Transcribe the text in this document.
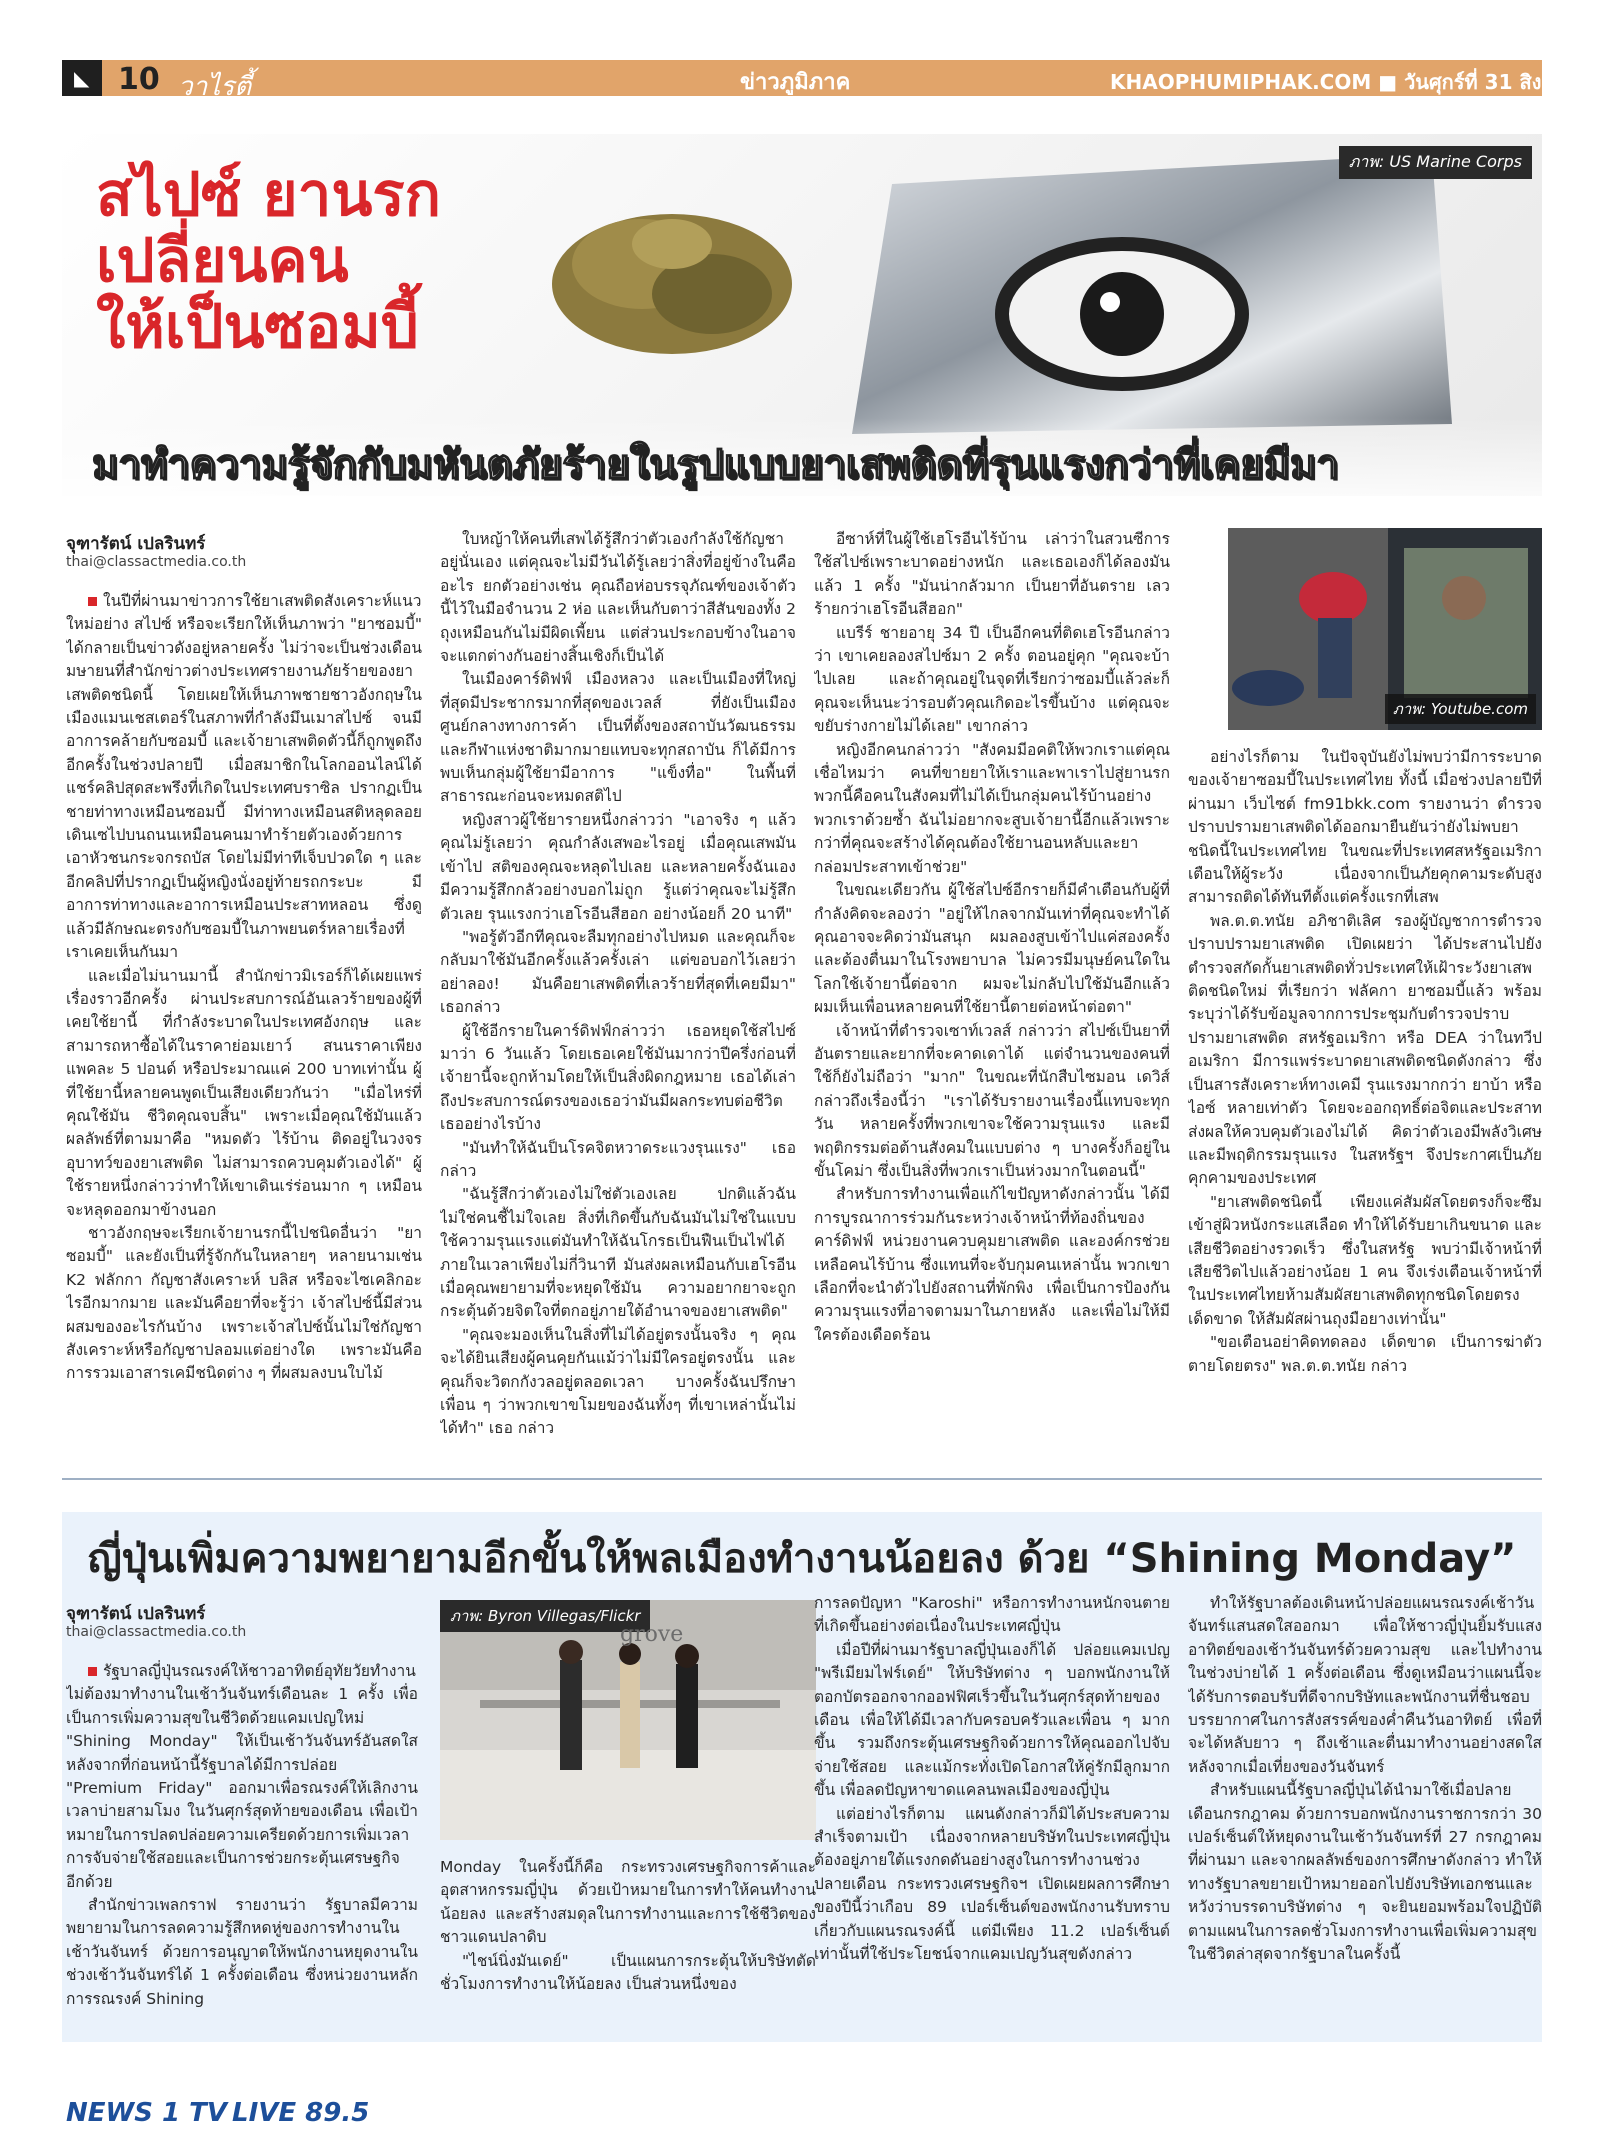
◣ 10 วาไรตี้	ข่าวภูมิภาค	KHAOPHUMIPHAK.COM ■ วันศุกร์ที่ 31 สิงหาคม 2561
สไปซ์ ยานรก
เปลี่ยนคน
ให้เป็นซอมบี้
ภาพ: US Marine Corps
มาทำความรู้จักกับมหันตภัยร้ายในรูปแบบยาเสพติดที่รุนแรงกว่าที่เคยมีมา
จุฑารัตน์ เปลรินทร์
thai@classactmedia.co.th

ในปีที่ผ่านมาข่าวการใช้ยาเสพติดสังเคราะห์แนวใหม่อย่าง สไปซ์ หรือจะเรียกให้เห็นภาพว่า "ยาซอมบี้" ได้กลายเป็นข่าวดังอยู่หลายครั้ง ไม่ว่าจะเป็นช่วงเดือนมษายนที่สำนักข่าวต่างประเทศรายงานภัยร้ายของยาเสพติดชนิดนี้ โดยเผยให้เห็นภาพชายชาวอังกฤษในเมืองแมนเชสเตอร์ในสภาพที่กำลังมึนเมาสไปซ์ จนมีอาการคล้ายกับซอมบี้ และเจ้ายาเสพติดตัวนี้ก็ถูกพูดถึงอีกครั้งในช่วงปลายปี เมื่อสมาชิกในโลกออนไลน์ได้แชร์คลิปสุดสะพรึงที่เกิดในประเทศบราซิล ปรากฏเป็นชายท่าทางเหมือนซอมบี้ มีท่าทางเหมือนสติหลุดลอย เดินเซไปบนถนนเหมือนคนมาทำร้ายตัวเองด้วยการเอาหัวชนกระจกรถบัส โดยไม่มีท่าทีเจ็บปวดใด ๆ และอีกคลิปที่ปรากฏเป็นผู้หญิงนั่งอยู่ท้ายรถกระบะ มีอาการท่าทางและอาการเหมือนประสาทหลอน ซึ่งดูแล้วมีลักษณะตรงกับซอมบี้ในภาพยนตร์หลายเรื่องที่เราเคยเห็นกันมา

และเมื่อไม่นานมานี้ สำนักข่าวมิเรอร์ก็ได้เผยแพร่เรื่องราวอีกครั้ง ผ่านประสบการณ์อันเลวร้ายของผู้ที่เคยใช้ยานี้ ที่กำลังระบาดในประเทศอังกฤษ และสามารถหาซื้อได้ในราคาย่อมเยาว์ สนนราคาเพียงแพคละ 5 ปอนด์ หรือประมาณแค่ 200 บาทเท่านั้น ผู้ที่ใช้ยานี้หลายคนพูดเป็นเสียงเดียวกันว่า "เมื่อไหร่ที่คุณใช้มัน ชีวิตคุณจบสิ้น" เพราะเมื่อคุณใช้มันแล้ว ผลลัพธ์ที่ตามมาคือ "หมดตัว ไร้บ้าน ติดอยู่ในวงจรอุบาทว์ของยาเสพติด ไม่สามารถควบคุมตัวเองได้" ผู้ใช้รายหนึ่งกล่าวว่าทำให้เขาเดินเร่ร่อนมาก ๆ เหมือนจะหลุดออกมาข้างนอก

ชาวอังกฤษจะเรียกเจ้ายานรกนี้ไปชนิดอื่นว่า "ยาซอมบี้" และยังเป็นที่รู้จักกันในหลายๆ หลายนามเช่น K2 ฟลักกา กัญชาสังเคราะห์ บลิส หรือจะไซเคลิกอะไรอีกมากมาย และมันคือยาที่จะรู้ว่า เจ้าสไปซ์นี้มีส่วนผสมของอะไรกันบ้าง เพราะเจ้าสไปซ์นั้นไม่ใช่กัญชาสังเคราะห์หรือกัญชาปลอมแต่อย่างใด เพราะมันคือการรวมเอาสารเคมีชนิดต่าง ๆ ที่ผสมลงบนใบไม้

ใบหญ้าให้คนที่เสพได้รู้สึกว่าตัวเองกำลังใช้กัญชาอยู่นั่นเอง แต่คุณจะไม่มีวันได้รู้เลยว่าสิ่งที่อยู่ข้างในคืออะไร ยกตัวอย่างเช่น คุณถือห่อบรรจุภัณฑ์ของเจ้าตัวนี้ไว้ในมือจำนวน 2 ห่อ และเห็นกับตาว่าสีสันของทั้ง 2 ถุงเหมือนกันไม่มีผิดเพี้ยน แต่ส่วนประกอบข้างในอาจจะแตกต่างกันอย่างสิ้นเชิงก็เป็นได้

ในเมืองคาร์ดิฟฟ์ เมืองหลวง และเป็นเมืองที่ใหญ่ที่สุดมีประชากรมากที่สุดของเวลส์ ที่ยังเป็นเมืองศูนย์กลางทางการค้า เป็นที่ตั้งของสถาบันวัฒนธรรม และกีฬาแห่งชาติมากมายแทบจะทุกสถาบัน ก็ได้มีการพบเห็นกลุ่มผู้ใช้ยามีอาการ "แข็งทื่อ" ในพื้นที่สาธารณะก่อนจะหมดสติไป

หญิงสาวผู้ใช้ยารายหนึ่งกล่าวว่า "เอาจริง ๆ แล้วคุณไม่รู้เลยว่า คุณกำลังเสพอะไรอยู่ เมื่อคุณเสพมันเข้าไป สติของคุณจะหลุดไปเลย และหลายครั้งฉันเองมีความรู้สึกกลัวอย่างบอกไม่ถูก รู้แต่ว่าคุณจะไม่รู้สึกตัวเลย รุนแรงกว่าเฮโรอีนสีฮอก อย่างน้อยก็ 20 นาที"

"พอรู้ตัวอีกทีคุณจะลืมทุกอย่างไปหมด และคุณก็จะกลับมาใช้มันอีกครั้งแล้วครั้งเล่า แต่ขอบอกไว้เลยว่าอย่าลอง! มันคือยาเสพติดที่เลวร้ายที่สุดที่เคยมีมา" เธอกล่าว

ผู้ใช้อีกรายในคาร์ดิฟฟ์กล่าวว่า เธอหยุดใช้สไปซ์มาว่า 6 วันแล้ว โดยเธอเคยใช้มันมากว่าปีครึ่งก่อนที่เจ้ายานี้จะถูกห้ามโดยให้เป็นสิ่งผิดกฎหมาย เธอได้เล่าถึงประสบการณ์ตรงของเธอว่ามันมีผลกระทบต่อชีวิตเธออย่างไรบ้าง

"มันทำให้ฉันป็นโรคจิตหวาดระแวงรุนแรง" เธอกล่าว

"ฉันรู้สึกว่าตัวเองไม่ใช่ตัวเองเลย ปกติแล้วฉันไม่ใช่คนชี้ไม่ใจเลย สิ่งที่เกิดขึ้นกับฉันมันไม่ใช่ในแบบใช้ความรุนแรงแต่มันทำให้ฉันโกรธเป็นฟืนเป็นไฟได้ภายในเวลาเพียงไม่กี่วินาที มันส่งผลเหมือนกับเฮโรอีน เมื่อคุณพยายามที่จะหยุดใช้มัน ความอยากยาจะถูกกระตุ้นด้วยจิตใจที่ตกอยู่ภายใต้อำนาจของยาเสพติด"

"คุณจะมองเห็นในสิ่งที่ไม่ได้อยู่ตรงนั้นจริง ๆ คุณจะได้ยินเสียงผู้คนคุยกันแม้ว่าไม่มีใครอยู่ตรงนั้น และคุณก็จะวิตกกังวลอยู่ตลอดเวลา บางครั้งฉันปรึกษาเพื่อน ๆ ว่าพวกเขาขโมยของฉันทั้งๆ ที่เขาเหล่านั้นไม่ได้ทำ" เธอ กล่าว

อีซาห์ที่ในผู้ใช้เฮโรอีนไร้บ้าน เล่าว่าในสวนซีการใช้สไปซ์เพราะบาดอย่างหนัก และเธอเองก็ได้ลองมันแล้ว 1 ครั้ง "มันน่ากลัวมาก เป็นยาที่อันตราย เลวร้ายกว่าเฮโรอีนสีฮอก"

แบรีร์ ชายอายุ 34 ปี เป็นอีกคนที่ติดเฮโรอีนกล่าวว่า เขาเคยลองสไปซ์มา 2 ครั้ง ตอนอยู่คุก "คุณจะบ้าไปเลย และถ้าคุณอยู่ในจุดที่เรียกว่าซอมบี้แล้วล่ะก็ คุณจะเห็นนะว่ารอบตัวคุณเกิดอะไรขึ้นบ้าง แต่คุณจะขยับร่างกายไม่ได้เลย" เขากล่าว

หญิงอีกคนกล่าวว่า "สังคมมีอคติให้พวกเราแต่คุณเชื่อไหมว่า คนที่ขายยาให้เราและพาเราไปสู่ยานรกพวกนี้คือคนในสังคมที่ไม่ได้เป็นกลุ่มคนไร้บ้านอย่างพวกเราด้วยซ้ำ ฉันไม่อยากจะสูบเจ้ายานี้อีกแล้วเพราะกว่าที่คุณจะสร้างได้คุณต้องใช้ยานอนหลับและยากล่อมประสาทเข้าช่วย"

ในขณะเดียวกัน ผู้ใช้สไปซ์อีกรายก็มีคำเตือนกับผู้ที่กำลังคิดจะลองว่า "อยู่ให้ไกลจากมันเท่าที่คุณจะทำได้ คุณอาจจะคิดว่ามันสนุก ผมลองสูบเข้าไปแค่สองครั้งและต้องตื่นมาในโรงพยาบาล ไม่ควรมีมนุษย์คนใดในโลกใช้เจ้ายานี้ต่อจาก ผมจะไม่กลับไปใช้มันอีกแล้ว ผมเห็นเพื่อนหลายคนที่ใช้ยานี้ตายต่อหน้าต่อตา"

เจ้าหน้าที่ตำรวจเซาท์เวลส์ กล่าวว่า สไปซ์เป็นยาที่อันตรายและยากที่จะคาดเดาได้ แต่จำนวนของคนที่ใช้ก็ยังไม่ถือว่า "มาก" ในขณะที่นักสืบไซมอน เดวิส์ กล่าวถึงเรื่องนี้ว่า "เราได้รับรายงานเรื่องนี้แทบจะทุกวัน หลายครั้งที่พวกเขาจะใช้ความรุนแรง และมีพฤติกรรมต่อต้านสังคมในแบบต่าง ๆ บางครั้งก็อยู่ในขั้นโคม่า ซึ่งเป็นสิ่งที่พวกเราเป็นห่วงมากในตอนนี้"

สำหรับการทำงานเพื่อแก้ไขปัญหาดังกล่าวนั้น ได้มีการบูรณาการร่วมกันระหว่างเจ้าหน้าที่ท้องถิ่นของคาร์ดิฟฟ์ หน่วยงานควบคุมยาเสพติด และองค์กรช่วยเหลือคนไร้บ้าน ซึ่งแทนที่จะจับกุมคนเหล่านั้น พวกเขาเลือกที่จะนำตัวไปยังสถานที่พักพิง เพื่อเป็นการป้องกันความรุนแรงที่อาจตามมาในภายหลัง และเพื่อไม่ให้มีใครต้องเดือดร้อน

ภาพ: Youtube.com

อย่างไรก็ตาม ในปัจจุบันยังไม่พบว่ามีการระบาดของเจ้ายาซอมบี้ในประเทศไทย ทั้งนี้ เมื่อช่วงปลายปีที่ผ่านมา เว็บไซต์ fm91bkk.com รายงานว่า ตำรวจปราบปรามยาเสพติดได้ออกมายืนยันว่ายังไม่พบยาชนิดนี้ในประเทศไทย ในขณะที่ประเทศสหรัฐอเมริกาเตือนให้ผู้ระวัง เนื่องจากเป็นภัยคุกคามระดับสูง สามารถติดได้ทันทีตั้งแต่ครั้งแรกที่เสพ

พล.ต.ต.ทนัย อภิชาติเลิศ รองผู้บัญชาการตำรวจปราบปรามยาเสพติด เปิดเผยว่า ได้ประสานไปยังตำรวจสกัดกั้นยาเสพติดทั่วประเทศให้เฝ้าระวังยาเสพติดชนิดใหม่ ที่เรียกว่า ฟลัคกา ยาซอมบี้แล้ว พร้อมระบุว่าได้รับข้อมูลจากการประชุมกับตำรวจปราบปรามยาเสพติด สหรัฐอเมริกา หรือ DEA ว่าในทวีปอเมริกา มีการแพร่ระบาดยาเสพติดชนิดดังกล่าว ซึ่งเป็นสารสังเคราะห์ทางเคมี รุนแรงมากกว่า ยาบ้า หรือไอซ์ หลายเท่าตัว โดยจะออกฤทธิ์ต่อจิตและประสาท ส่งผลให้ควบคุมตัวเองไม่ได้ คิดว่าตัวเองมีพลังวิเศษ และมีพฤติกรรมรุนแรง ในสหรัฐฯ จึงประกาศเป็นภัยคุกคามของประเทศ

"ยาเสพติดชนิดนี้ เพียงแค่สัมผัสโดยตรงก็จะซึมเข้าสู่ผิวหนังกระแสเลือด ทำให้ได้รับยาเกินขนาด และเสียชีวิตอย่างรวดเร็ว ซึ่งในสหรัฐ พบว่ามีเจ้าหน้าที่เสียชีวิตไปแล้วอย่างน้อย 1 คน จึงเร่งเตือนเจ้าหน้าที่ในประเทศไทยห้ามสัมผัสยาเสพติดทุกชนิดโดยตรงเด็ดขาด ให้สัมผัสผ่านถุงมือยางเท่านั้น"

"ขอเตือนอย่าคิดทดลอง เด็ดขาด เป็นการฆ่าตัวตายโดยตรง" พล.ต.ต.ทนัย กล่าว

ญี่ปุ่นเพิ่มความพยายามอีกขั้นให้พลเมืองทำงานน้อยลง ด้วย “Shining Monday”
จุฑารัตน์ เปลรินทร์
thai@classactmedia.co.th

รัฐบาลญี่ปุ่นรณรงค์ให้ชาวอาทิตย์อุทัยวัยทำงานไม่ต้องมาทำงานในเช้าวันจันทร์เดือนละ 1 ครั้ง เพื่อเป็นการเพิ่มความสุขในชีวิตด้วยแคมเปญใหม่ "Shining Monday" ให้เป็นเช้าวันจันทร์อันสดใส หลังจากที่ก่อนหน้านี้รัฐบาลได้มีการปล่อย "Premium Friday" ออกมาเพื่อรณรงค์ให้เลิกงานเวลาบ่ายสามโมง ในวันศุกร์สุดท้ายของเดือน เพื่อเป้าหมายในการปลดปล่อยความเครียดด้วยการเพิ่มเวลาการจับจ่ายใช้สอยและเป็นการช่วยกระตุ้นเศรษฐกิจอีกด้วย

สำนักข่าวเพลกราฟ รายงานว่า รัฐบาลมีความพยายามในการลดความรู้สึกหดหู่ของการทำงานในเช้าวันจันทร์ ด้วยการอนุญาตให้พนักงานหยุดงานในช่วงเช้าวันจันทร์ได้ 1 ครั้งต่อเดือน ซึ่งหน่วยงานหลักการรณรงค์ Shining

ภาพ: Byron Villegas/Flickr
grove

Monday ในครั้งนี้ก็คือ กระทรวงเศรษฐกิจการค้าและอุตสาหกรรมญี่ปุ่น ด้วยเป้าหมายในการทำให้คนทำงานน้อยลง และสร้างสมดุลในการทำงานและการใช้ชีวิตของชาวแดนปลาดิบ

"ไชน์นิ่งมันเดย์" เป็นแผนการกระตุ้นให้บริษัทตัดชั่วโมงการทำงานให้น้อยลง เป็นส่วนหนึ่งของ

การลดปัญหา "Karoshi" หรือการทำงานหนักจนตายที่เกิดขึ้นอย่างต่อเนื่องในประเทศญี่ปุ่น

เมื่อปีที่ผ่านมารัฐบาลญี่ปุ่นเองก็ได้ ปล่อยแคมเปญ "พรีเมียมไฟร์เดย์" ให้บริษัทต่าง ๆ บอกพนักงานให้ตอกบัตรออกจากออฟฟิศเร็วขึ้นในวันศุกร์สุดท้ายของเดือน เพื่อให้ได้มีเวลากับครอบครัวและเพื่อน ๆ มากขึ้น รวมถึงกระตุ้นเศรษฐกิจด้วยการให้คุณออกไปจับจ่ายใช้สอย และแม้กระทั่งเปิดโอกาสให้คู่รักมีลูกมากขึ้น เพื่อลดปัญหาขาดแคลนพลเมืองของญี่ปุ่น

แต่อย่างไรก็ตาม แผนดังกล่าวก็มิได้ประสบความสำเร็จตามเป้า เนื่องจากหลายบริษัทในประเทศญี่ปุ่นต้องอยู่ภายใต้แรงกดดันอย่างสูงในการทำงานช่วงปลายเดือน กระทรวงเศรษฐกิจฯ เปิดเผยผลการศึกษาของปีนี้ว่าเกือบ 89 เปอร์เซ็นต์ของพนักงานรับทราบเกี่ยวกับแผนรณรงค์นี้ แต่มีเพียง 11.2 เปอร์เซ็นต์เท่านั้นที่ใช้ประโยชน์จากแคมเปญวันสุขดังกล่าว

ทำให้รัฐบาลต้องเดินหน้าปล่อยแผนรณรงค์เช้าวันจันทร์แสนสดใสออกมา เพื่อให้ชาวญี่ปุ่นยิ้มรับแสงอาทิตย์ของเช้าวันจันทร์ด้วยความสุข และไปทำงานในช่วงบ่ายได้ 1 ครั้งต่อเดือน ซึ่งดูเหมือนว่าแผนนี้จะได้รับการตอบรับที่ดีจากบริษัทและพนักงานที่ชื่นชอบบรรยากาศในการสังสรรค์ของค่ำคืนวันอาทิตย์ เพื่อที่จะได้หลับยาว ๆ ถึงเช้าและตื่นมาทำงานอย่างสดใสหลังจากเมื่อเที่ยงของวันจันทร์

สำหรับแผนนี้รัฐบาลญี่ปุ่นได้นำมาใช้เมื่อปลายเดือนกรกฎาคม ด้วยการบอกพนักงานราชการกว่า 30 เปอร์เซ็นต์ให้หยุดงานในเช้าวันจันทร์ที่ 27 กรกฎาคม ที่ผ่านมา และจากผลลัพธ์ของการศึกษาดังกล่าว ทำให้ทางรัฐบาลขยายเป้าหมายออกไปยังบริษัทเอกชนและหวังว่าบรรดาบริษัทต่าง ๆ จะยินยอมพร้อมใจปฏิบัติตามแผนในการลดชั่วโมงการทำงานเพื่อเพิ่มความสุขในชีวิตล่าสุดจากรัฐบาลในครั้งนี้

NEWS 1 TV LIVE 89.5
